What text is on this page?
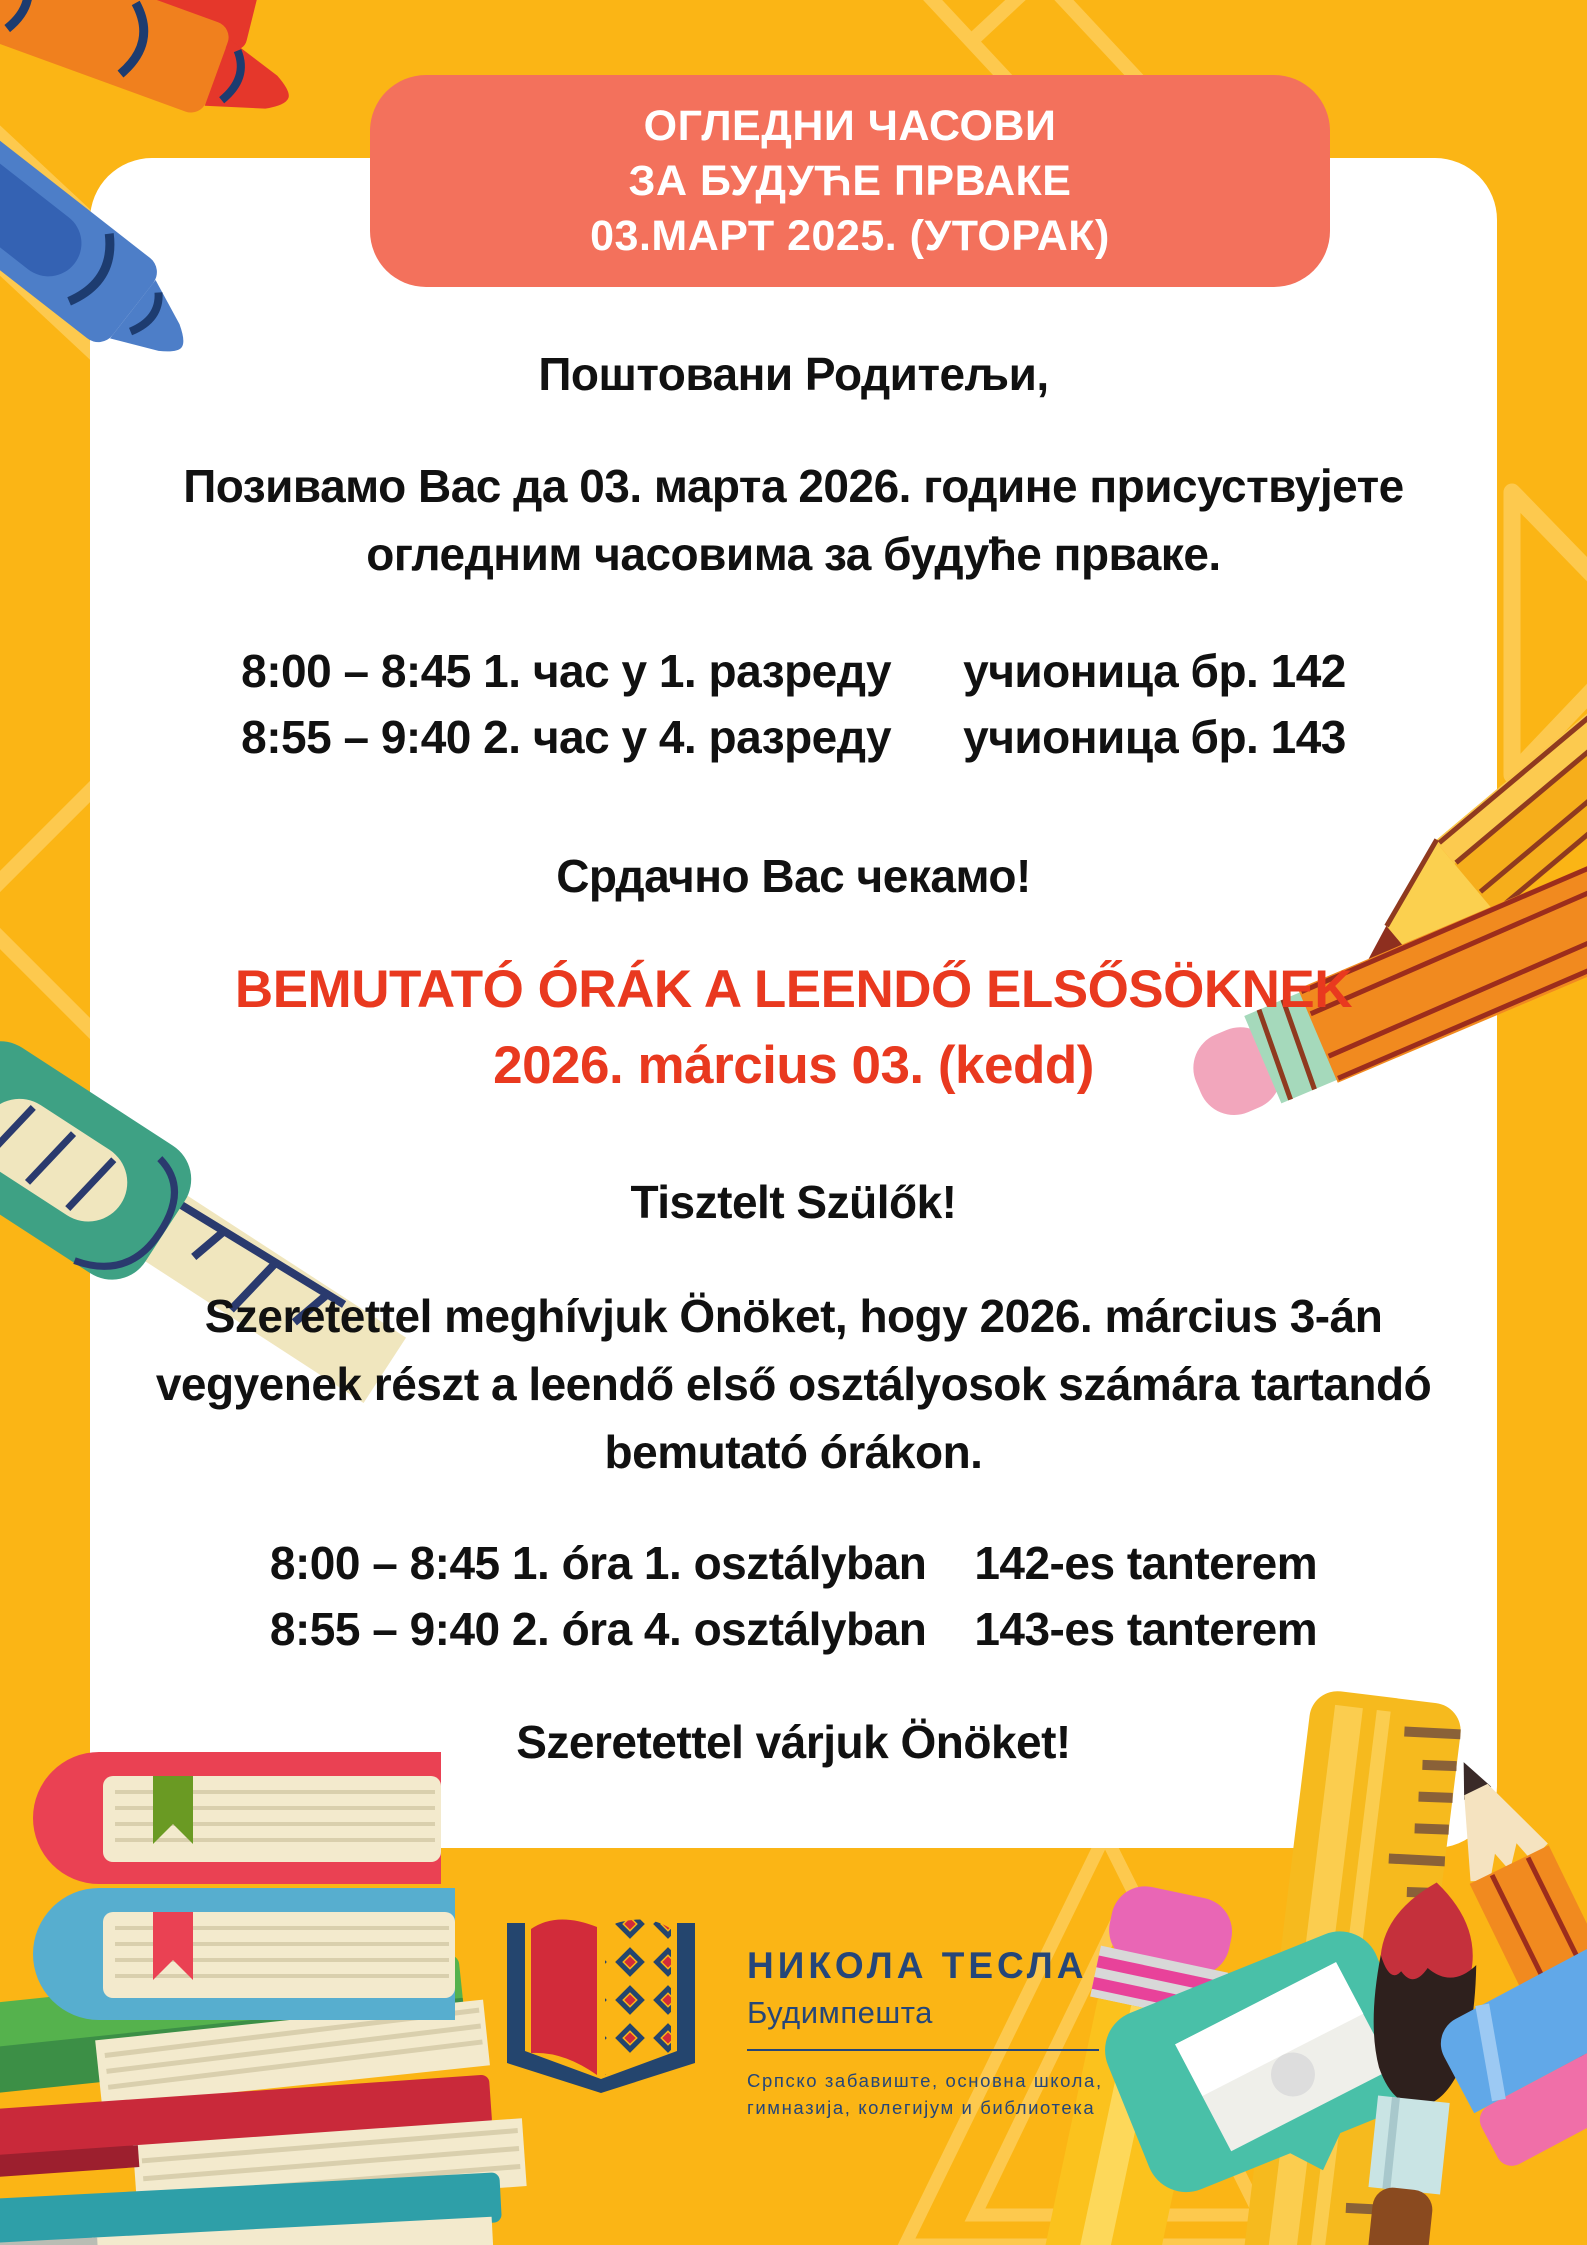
ОГЛЕДНИ ЧАСОВИ
ЗА БУДУЋЕ ПРВАКЕ
03.МАРТ 2025. (УТОРАК)
Поштовани Родитељи,
Позивамо Вас да 03. марта 2026. године присуствујете
огледним часовима за будуће прваке.
8:00 – 8:45 1. час у 1. разреду учионица бр. 142
8:55 – 9:40 2. час у 4. разреду учионица бр. 143
Срдачно Вас чекамо!
BEMUTATÓ ÓRÁK A LEENDŐ ELSŐSÖKNEK
2026. március 03. (kedd)
Tisztelt Szülők!
Szeretettel meghívjuk Önöket, hogy 2026. március 3-án
vegyenek részt a leendő első osztályosok számára tartandó
bemutató órákon.
8:00 – 8:45 1. óra 1. osztályban 142-es tanterem
8:55 – 9:40 2. óra 4. osztályban 143-es tanterem
Szeretettel várjuk Önöket!
НИКОЛА ТЕСЛА
Будимпешта
Српско забавиште, основна школа,
гимназија, колегијум и библиотека
